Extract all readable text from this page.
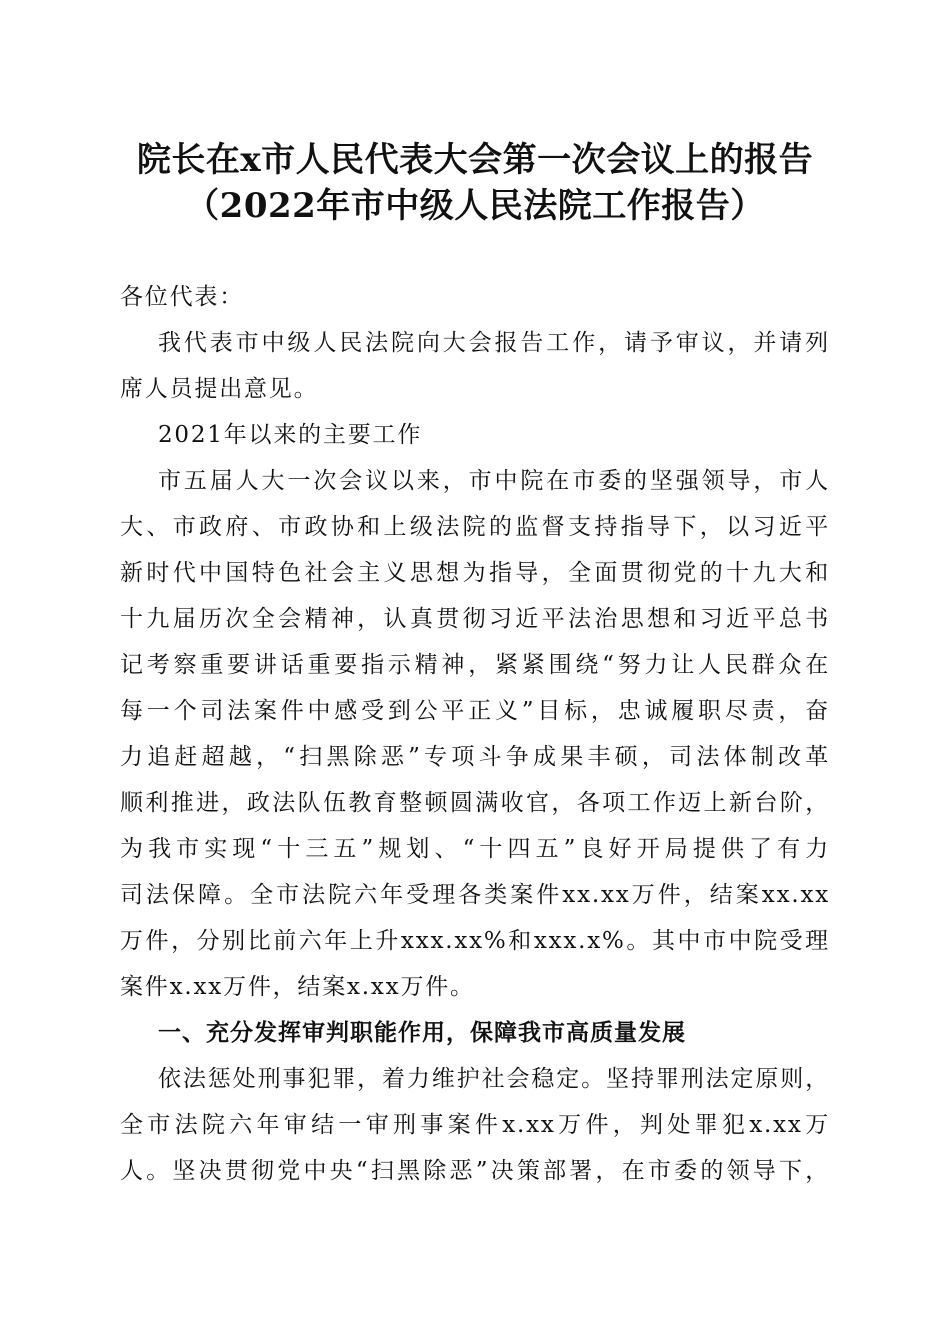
院长在x市人民代表大会第一次会议上的报告
（2022年市中级人民法院工作报告）
各位代表：
我代表市中级人民法院向大会报告工作，请予审议，并请列
席人员提出意见。
2021年以来的主要工作
市五届人大一次会议以来，市中院在市委的坚强领导，市人
大、市政府、市政协和上级法院的监督支持指导下，以习近平
新时代中国特色社会主义思想为指导，全面贯彻党的十九大和
十九届历次全会精神，认真贯彻习近平法治思想和习近平总书
记考察重要讲话重要指示精神，紧紧围绕“努力让人民群众在
每一个司法案件中感受到公平正义”目标，忠诚履职尽责，奋
力追赶超越，“扫黑除恶”专项斗争成果丰硕，司法体制改革
顺利推进，政法队伍教育整顿圆满收官，各项工作迈上新台阶，
为我市实现“十三五”规划、“十四五”良好开局提供了有力
司法保障。全市法院六年受理各类案件xx.xx万件，结案xx.xx
万件，分别比前六年上升xxx.xx%和xxx.x%。其中市中院受理
案件x.xx万件，结案x.xx万件。
一、充分发挥审判职能作用，保障我市高质量发展
依法惩处刑事犯罪，着力维护社会稳定。坚持罪刑法定原则，
全市法院六年审结一审刑事案件x.xx万件，判处罪犯x.xx万
人。坚决贯彻党中央“扫黑除恶”决策部署，在市委的领导下，
